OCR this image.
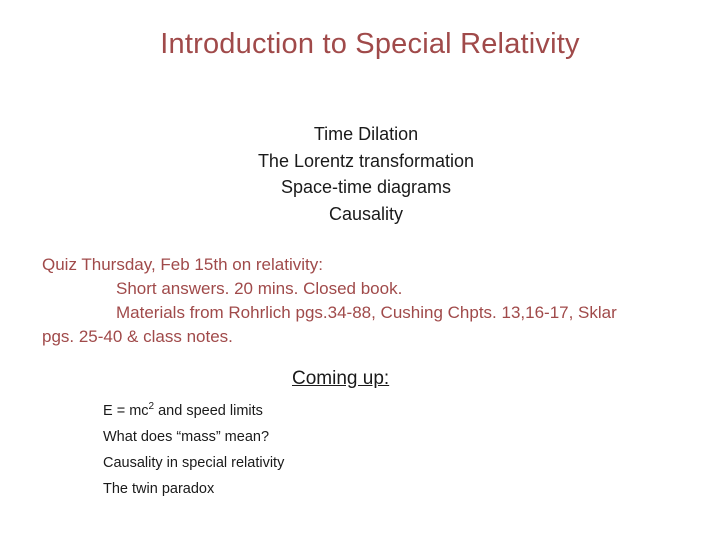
Introduction to Special Relativity
Time Dilation
The Lorentz transformation
Space-time diagrams
Causality
Quiz Thursday, Feb 15th on relativity:
Short answers. 20 mins. Closed book.
Materials from Rohrlich pgs.34-88, Cushing Chpts. 13,16-17, Sklar
pgs. 25-40 & class notes.
Coming up:
$E = mc^2$ and speed limits
What does “mass” mean?
Causality in special relativity
The twin paradox
